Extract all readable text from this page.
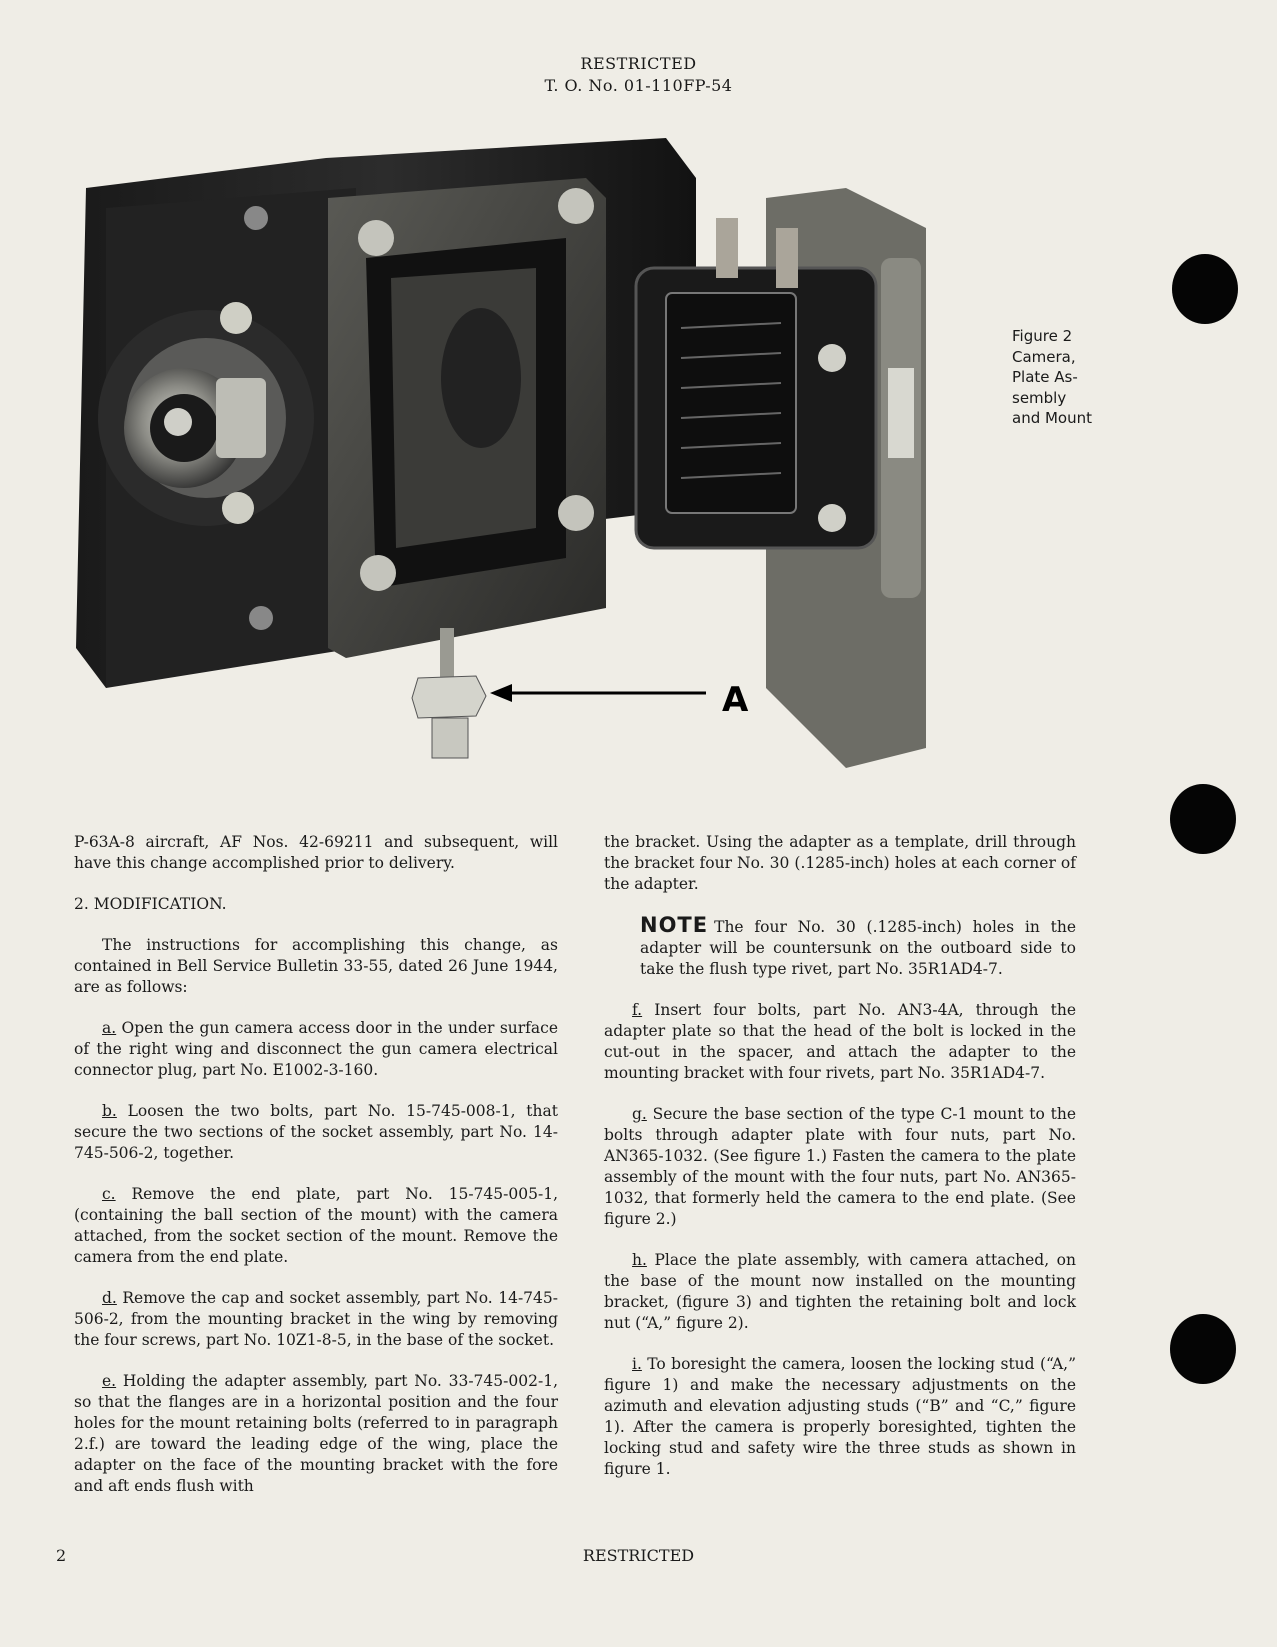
RESTRICTED
T. O. No. 01-110FP-54
A
Figure 2
Camera,
Plate As-
sembly
and Mount

P-63A-8 aircraft, AF Nos. 42-69211 and subsequent, will have this change accomplished prior to delivery.

2. MODIFICATION.

The instructions for accomplishing this change, as contained in Bell Service Bulletin 33-55, dated 26 June 1944, are as follows:

a. Open the gun camera access door in the under surface of the right wing and disconnect the gun camera electrical connector plug, part No. E1002-3-160.

b. Loosen the two bolts, part No. 15-745-008-1, that secure the two sections of the socket assembly, part No. 14-745-506-2, together.

c. Remove the end plate, part No. 15-745-005-1, (containing the ball section of the mount) with the camera attached, from the socket section of the mount. Remove the camera from the end plate.

d. Remove the cap and socket assembly, part No. 14-745-506-2, from the mounting bracket in the wing by removing the four screws, part No. 10Z1-8-5, in the base of the socket.

e. Holding the adapter assembly, part No. 33-745-002-1, so that the flanges are in a horizontal position and the four holes for the mount retaining bolts (referred to in paragraph 2.f.) are toward the leading edge of the wing, place the adapter on the face of the mounting bracket with the fore and aft ends flush with

the bracket. Using the adapter as a template, drill through the bracket four No. 30 (.1285-inch) holes at each corner of the adapter.

NOTE The four No. 30 (.1285-inch) holes in the adapter will be countersunk on the outboard side to take the flush type rivet, part No. 35R1AD4-7.

f. Insert four bolts, part No. AN3-4A, through the adapter plate so that the head of the bolt is locked in the cut-out in the spacer, and attach the adapter to the mounting bracket with four rivets, part No. 35R1AD4-7.

g. Secure the base section of the type C-1 mount to the bolts through adapter plate with four nuts, part No. AN365-1032. (See figure 1.) Fasten the camera to the plate assembly of the mount with the four nuts, part No. AN365-1032, that formerly held the camera to the end plate. (See figure 2.)

h. Place the plate assembly, with camera attached, on the base of the mount now installed on the mounting bracket, (figure 3) and tighten the retaining bolt and lock nut (“A,” figure 2).

i. To boresight the camera, loosen the locking stud (“A,” figure 1) and make the necessary adjustments on the azimuth and elevation adjusting studs (“B” and “C,” figure 1). After the camera is properly boresighted, tighten the locking stud and safety wire the three studs as shown in figure 1.

2	RESTRICTED
